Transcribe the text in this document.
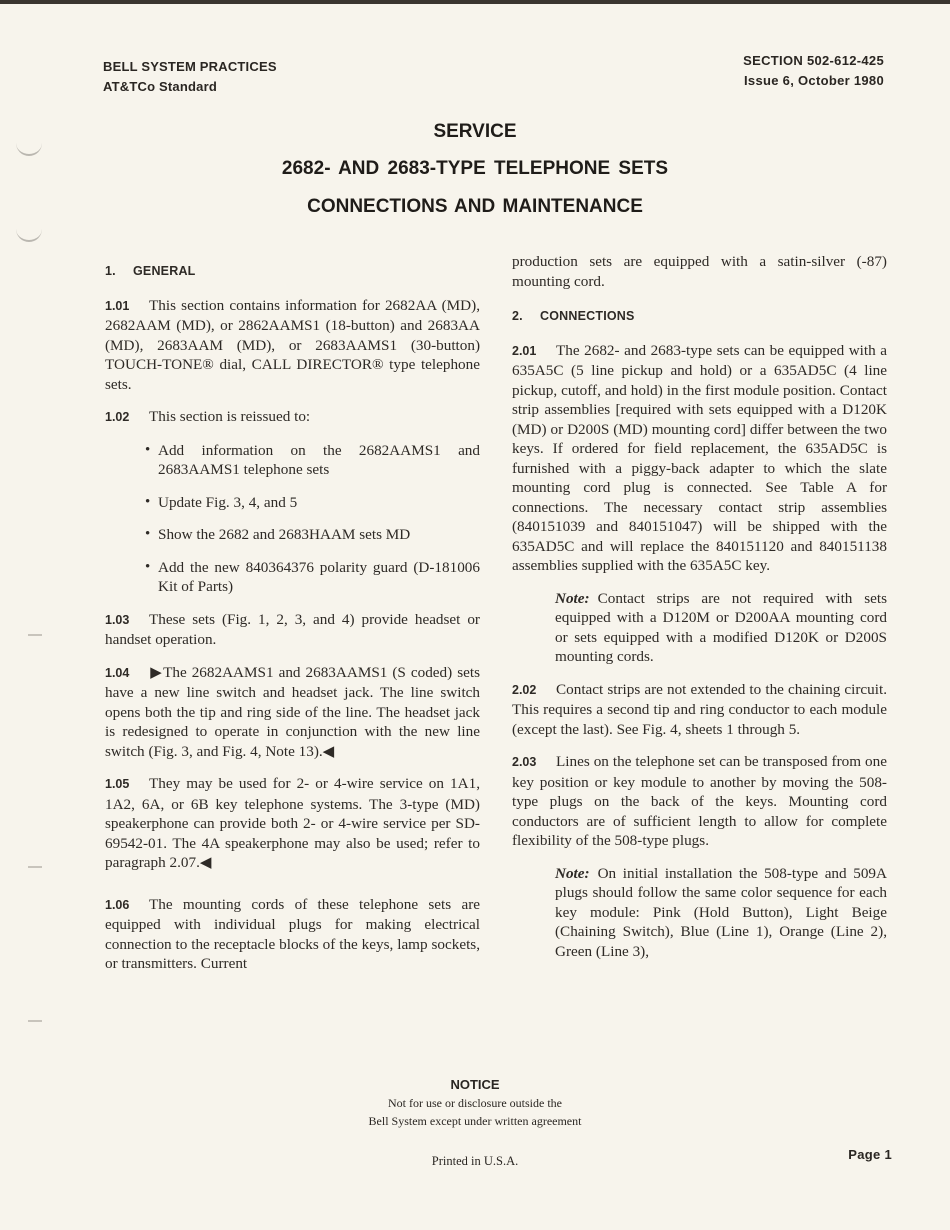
BELL SYSTEM PRACTICES
AT&TCo Standard
SECTION 502-612-425
Issue 6, October 1980
SERVICE
2682- AND 2683-TYPE TELEPHONE SETS
CONNECTIONS AND MAINTENANCE
1. GENERAL

1.01 This section contains information for 2682AA (MD), 2682AAM (MD), or 2862AAMS1 (18-button) and 2683AA (MD), 2683AAM (MD), or 2683AAMS1 (30-button) TOUCH-TONE® dial, CALL DIRECTOR® type telephone sets.

1.02 This section is reissued to:

• Add information on the 2682AAMS1 and 2683AAMS1 telephone sets
• Update Fig. 3, 4, and 5
• Show the 2682 and 2683HAAM sets MD
• Add the new 840364376 polarity guard (D-181006 Kit of Parts)

1.03 These sets (Fig. 1, 2, 3, and 4) provide headset or handset operation.

1.04 ▶The 2682AAMS1 and 2683AAMS1 (S coded) sets have a new line switch and headset jack. The line switch opens both the tip and ring side of the line. The headset jack is redesigned to operate in conjunction with the new line switch (Fig. 3, and Fig. 4, Note 13).◀

1.05 They may be used for 2- or 4-wire service on 1A1, 1A2, 6A, or 6B key telephone systems. The 3-type (MD) speakerphone can provide both 2- or 4-wire service per SD-69542-01. The 4A speakerphone may also be used; refer to paragraph 2.07.◀

1.06 The mounting cords of these telephone sets are equipped with individual plugs for making electrical connection to the receptacle blocks of the keys, lamp sockets, or transmitters. Current

production sets are equipped with a satin-silver (-87) mounting cord.

2. CONNECTIONS

2.01 The 2682- and 2683-type sets can be equipped with a 635A5C (5 line pickup and hold) or a 635AD5C (4 line pickup, cutoff, and hold) in the first module position. Contact strip assemblies [required with sets equipped with a D120K (MD) or D200S (MD) mounting cord] differ between the two keys. If ordered for field replacement, the 635AD5C is furnished with a piggy-back adapter to which the slate mounting cord plug is connected. See Table A for connections. The necessary contact strip assemblies (840151039 and 840151047) will be shipped with the 635AD5C and will replace the 840151120 and 840151138 assemblies supplied with the 635A5C key.

Note: Contact strips are not required with sets equipped with a D120M or D200AA mounting cord or sets equipped with a modified D120K or D200S mounting cords.

2.02 Contact strips are not extended to the chaining circuit. This requires a second tip and ring conductor to each module (except the last). See Fig. 4, sheets 1 through 5.

2.03 Lines on the telephone set can be transposed from one key position or key module to another by moving the 508-type plugs on the back of the keys. Mounting cord conductors are of sufficient length to allow for complete flexibility of the 508-type plugs.

Note: On initial installation the 508-type and 509A plugs should follow the same color sequence for each key module: Pink (Hold Button), Light Beige (Chaining Switch), Blue (Line 1), Orange (Line 2), Green (Line 3),

NOTICE
Not for use or disclosure outside the
Bell System except under written agreement
Printed in U.S.A.	Page 1
